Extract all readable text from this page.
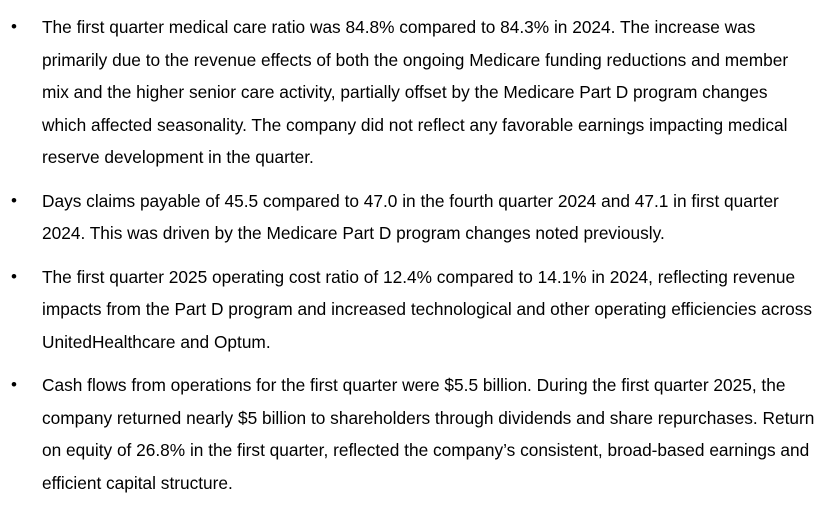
• The first quarter medical care ratio was 84.8% compared to 84.3% in 2024. The increase was primarily due to the revenue effects of both the ongoing Medicare funding reductions and member mix and the higher senior care activity, partially offset by the Medicare Part D program changes which affected seasonality. The company did not reflect any favorable earnings impacting medical reserve development in the quarter.
• Days claims payable of 45.5 compared to 47.0 in the fourth quarter 2024 and 47.1 in first quarter 2024. This was driven by the Medicare Part D program changes noted previously.
• The first quarter 2025 operating cost ratio of 12.4% compared to 14.1% in 2024, reflecting revenue impacts from the Part D program and increased technological and other operating efficiencies across UnitedHealthcare and Optum.
• Cash flows from operations for the first quarter were $5.5 billion. During the first quarter 2025, the company returned nearly $5 billion to shareholders through dividends and share repurchases. Return on equity of 26.8% in the first quarter, reflected the company’s consistent, broad-based earnings and efficient capital structure.
